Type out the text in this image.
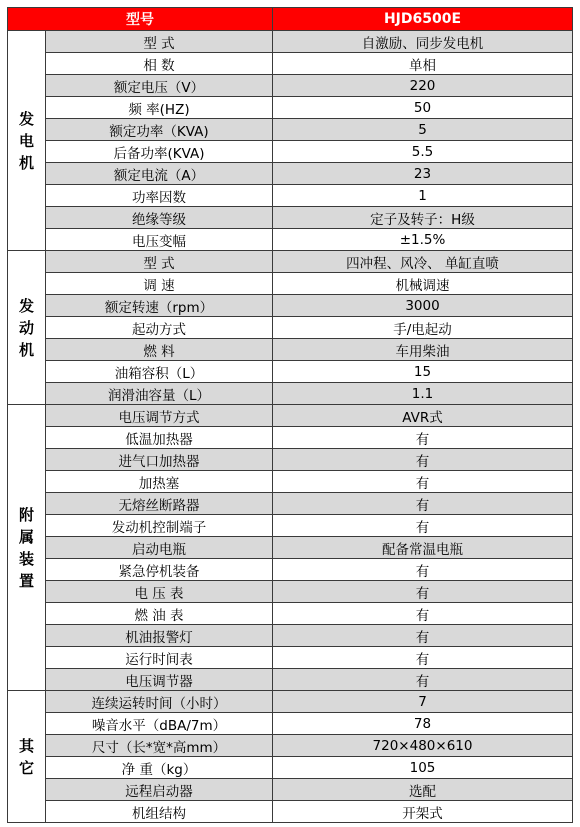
型号		HJD6500E
发电机	型 式	自激励、同步发电机
	相 数	单相
	额定电压（V）	220
	频 率(HZ)	50
	额定功率（KVA)	5
	后备功率(KVA)	5.5
	额定电流（A）	23
	功率因数	1
	绝缘等级	定子及转子：H级
	电压变幅	±1.5%
发动机	型 式	四冲程、风冷、 单缸直喷
	调 速	机械调速
	额定转速（rpm）	3000
	起动方式	手/电起动
	燃 料	车用柴油
	油箱容积（L）	15
	润滑油容量（L）	1.1
附属装置	电压调节方式	AVR式
	低温加热器	有
	进气口加热器	有
	加热塞	有
	无熔丝断路器	有
	发动机控制端子	有
	启动电瓶	配备常温电瓶
	紧急停机装备	有
	电 压 表	有
	燃 油 表	有
	机油报警灯	有
	运行时间表	有
	电压调节器	有
其它	连续运转时间（小时）	7
	噪音水平（dBA/7m）	78
	尺寸（长*宽*高mm）	720×480×610
	净 重（kg）	105
	远程启动器	选配
	机组结构	开架式
